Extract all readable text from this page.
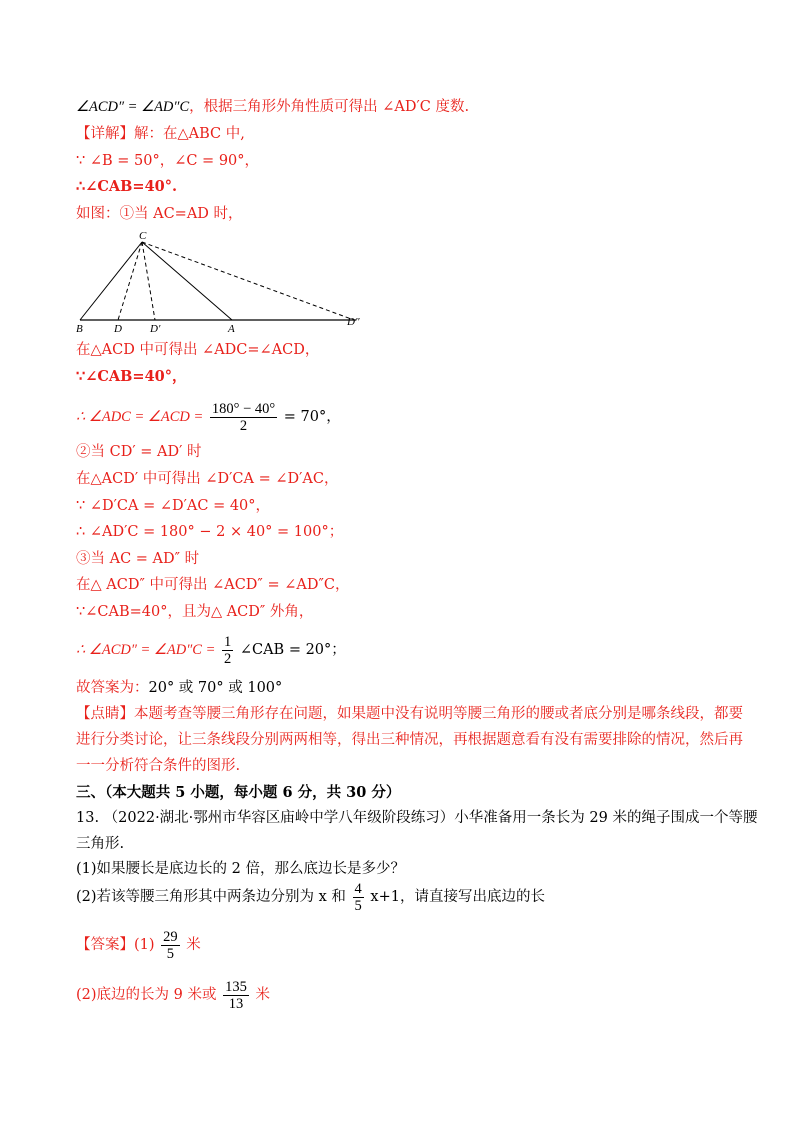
∠ACD″ = ∠AD″C，根据三角形外角性质可得出 ∠AD′C 度数.
【详解】解：在△ABC 中,
∵ ∠B = 50°，∠C = 90°，
∴∠CAB=40°.
如图：①当 AC=AD 时，
C
B	D	D′	A
D″
在△ACD 中可得出 ∠ADC=∠ACD，
∵∠CAB=40°，
∴ ∠ADC = ∠ACD = $\frac{180^\circ - 40^\circ}{2} = 70^\circ$，
②当 CD′ = AD′ 时
在△ACD′ 中可得出 ∠D′CA = ∠D′AC，
∵ ∠D′CA = ∠D′AC = 40°，
∴ ∠AD′C = 180° − 2 × 40° = 100°；
③当 AC = AD″ 时
在△ ACD″ 中可得出 ∠ACD″ = ∠AD″C，
∵∠CAB=40°，且为△ ACD″ 外角，
∴ ∠ACD″ = ∠AD″C = $\frac{1}{2}$ ∠CAB = 20°；
故答案为：20° 或 70° 或 100°
【点睛】本题考查等腰三角形存在问题，如果题中没有说明等腰三角形的腰或者底分别是哪条线段，都要
进行分类讨论，让三条线段分别两两相等，得出三种情况，再根据题意看有没有需要排除的情况，然后再
一一分析符合条件的图形.
三、（本大题共 5 小题，每小题 6 分，共 30 分）
13. （2022·湖北·鄂州市华容区庙岭中学八年级阶段练习）小华准备用一条长为 29 米的绳子围成一个等腰
三角形.
(1)如果腰长是底边长的 2 倍，那么底边长是多少？
(2)若该等腰三角形其中两条边分别为 x 和 $\frac{4}{5} x+1$，请直接写出底边的长
【答案】$(1) \frac{29}{5}$ 米
(2)底边的长为 9 米或 $\frac{135}{13}$ 米
